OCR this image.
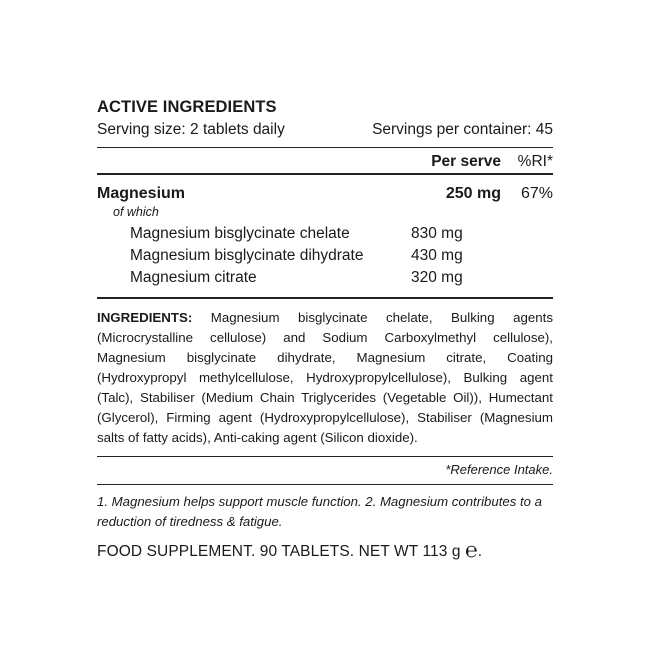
ACTIVE INGREDIENTS
Serving size: 2 tablets daily	Servings per container: 45
Per serve	%RI*
Magnesium	250 mg	67%
of which
Magnesium bisglycinate chelate	830 mg
Magnesium bisglycinate dihydrate	430 mg
Magnesium citrate	320 mg
INGREDIENTS: Magnesium bisglycinate chelate, Bulking agents (Microcrystalline cellulose) and Sodium Carboxylmethyl cellulose), Magnesium bisglycinate dihydrate, Magnesium citrate, Coating (Hydroxypropyl methylcellulose, Hydroxypropylcellulose), Bulking agent (Talc), Stabiliser (Medium Chain Triglycerides (Vegetable Oil)), Humectant (Glycerol), Firming agent (Hydroxypropylcellulose), Stabiliser (Magnesium salts of fatty acids), Anti-caking agent (Silicon dioxide).
*Reference Intake.
1. Magnesium helps support muscle function. 2. Magnesium contributes to a reduction of tiredness & fatigue.
FOOD SUPPLEMENT. 90 TABLETS. NET WT 113 g ℮.
